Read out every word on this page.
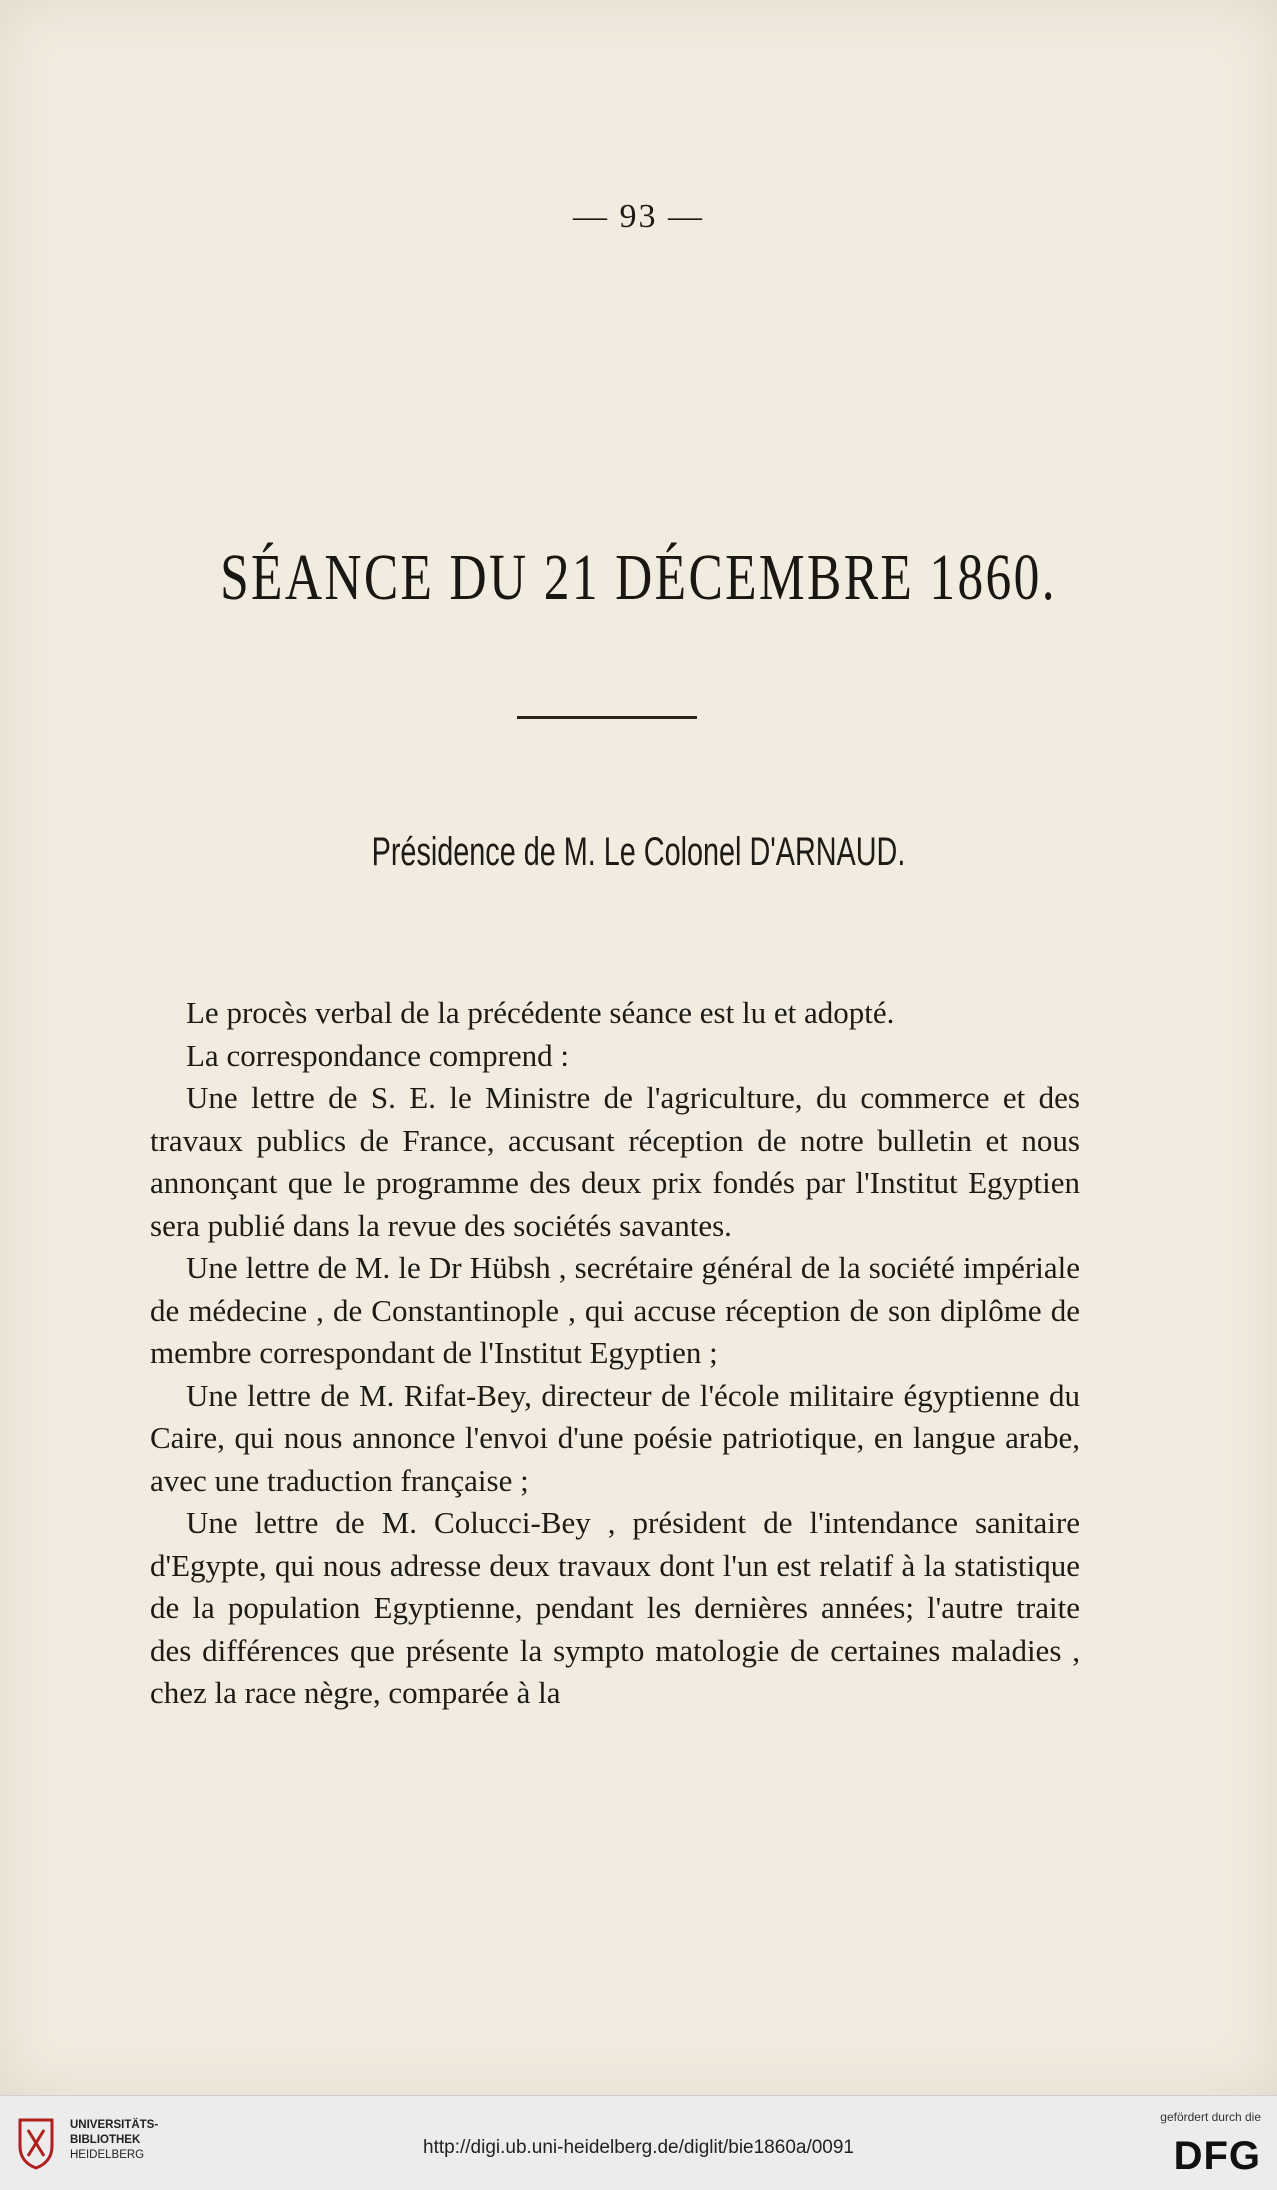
— 93 —
SÉANCE DU 21 DÉCEMBRE 1860.
Présidence de M. Le Colonel D'ARNAUD.

Le procès verbal de la précédente séance est lu et adopté.

La correspondance comprend :

Une lettre de S. E. le Ministre de l'agriculture, du commerce et des travaux publics de France, accusant réception de notre bulletin et nous annonçant que le programme des deux prix fondés par l'Institut Egyptien sera publié dans la revue des sociétés savantes.

Une lettre de M. le Dr Hübsh , secrétaire général de la société impériale de médecine , de Constantinople , qui accuse réception de son diplôme de membre correspondant de l'Institut Egyptien ;

Une lettre de M. Rifat-Bey, directeur de l'école militaire égyptienne du Caire, qui nous annonce l'envoi d'une poésie patriotique, en langue arabe, avec une traduction française ;

Une lettre de M. Colucci-Bey , président de l'intendance sanitaire d'Egypte, qui nous adresse deux travaux dont l'un est relatif à la statistique de la population Egyptienne, pendant les dernières années; l'autre traite des différences que présente la sympto matologie de certaines maladies , chez la race nègre, comparée à la

UNIVERSITÄTS-
BIBLIOTHEK
HEIDELBERG	http://digi.ub.uni-heidelberg.de/diglit/bie1860a/0091
gefördert durch die
DFG
